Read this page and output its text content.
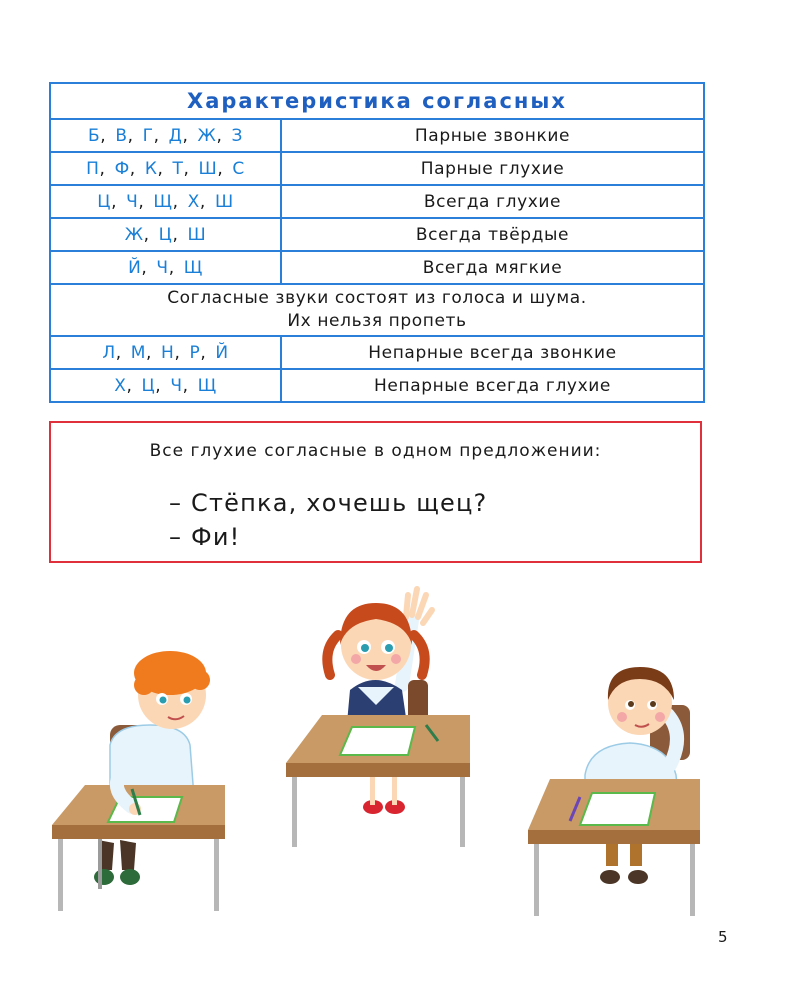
Характеристика согласных	
Б, В, Г, Д, Ж, З	Парные звонкие
П, Ф, К, Т, Ш, С	Парные глухие
Ц, Ч, Щ, Х, Ш	Всегда глухие
Ж, Ц, Ш	Всегда твёрдые
Й, Ч, Щ	Всегда мягкие
Согласные звуки состоят из голоса и шума.
Их нельзя пропеть	
Л, М, Н, Р, Й	Непарные всегда звонкие
Х, Ц, Ч, Щ	Непарные всегда глухие
Все глухие согласные в одном предложении:
– Стёпка, хочешь щец?
– Фи!
5
